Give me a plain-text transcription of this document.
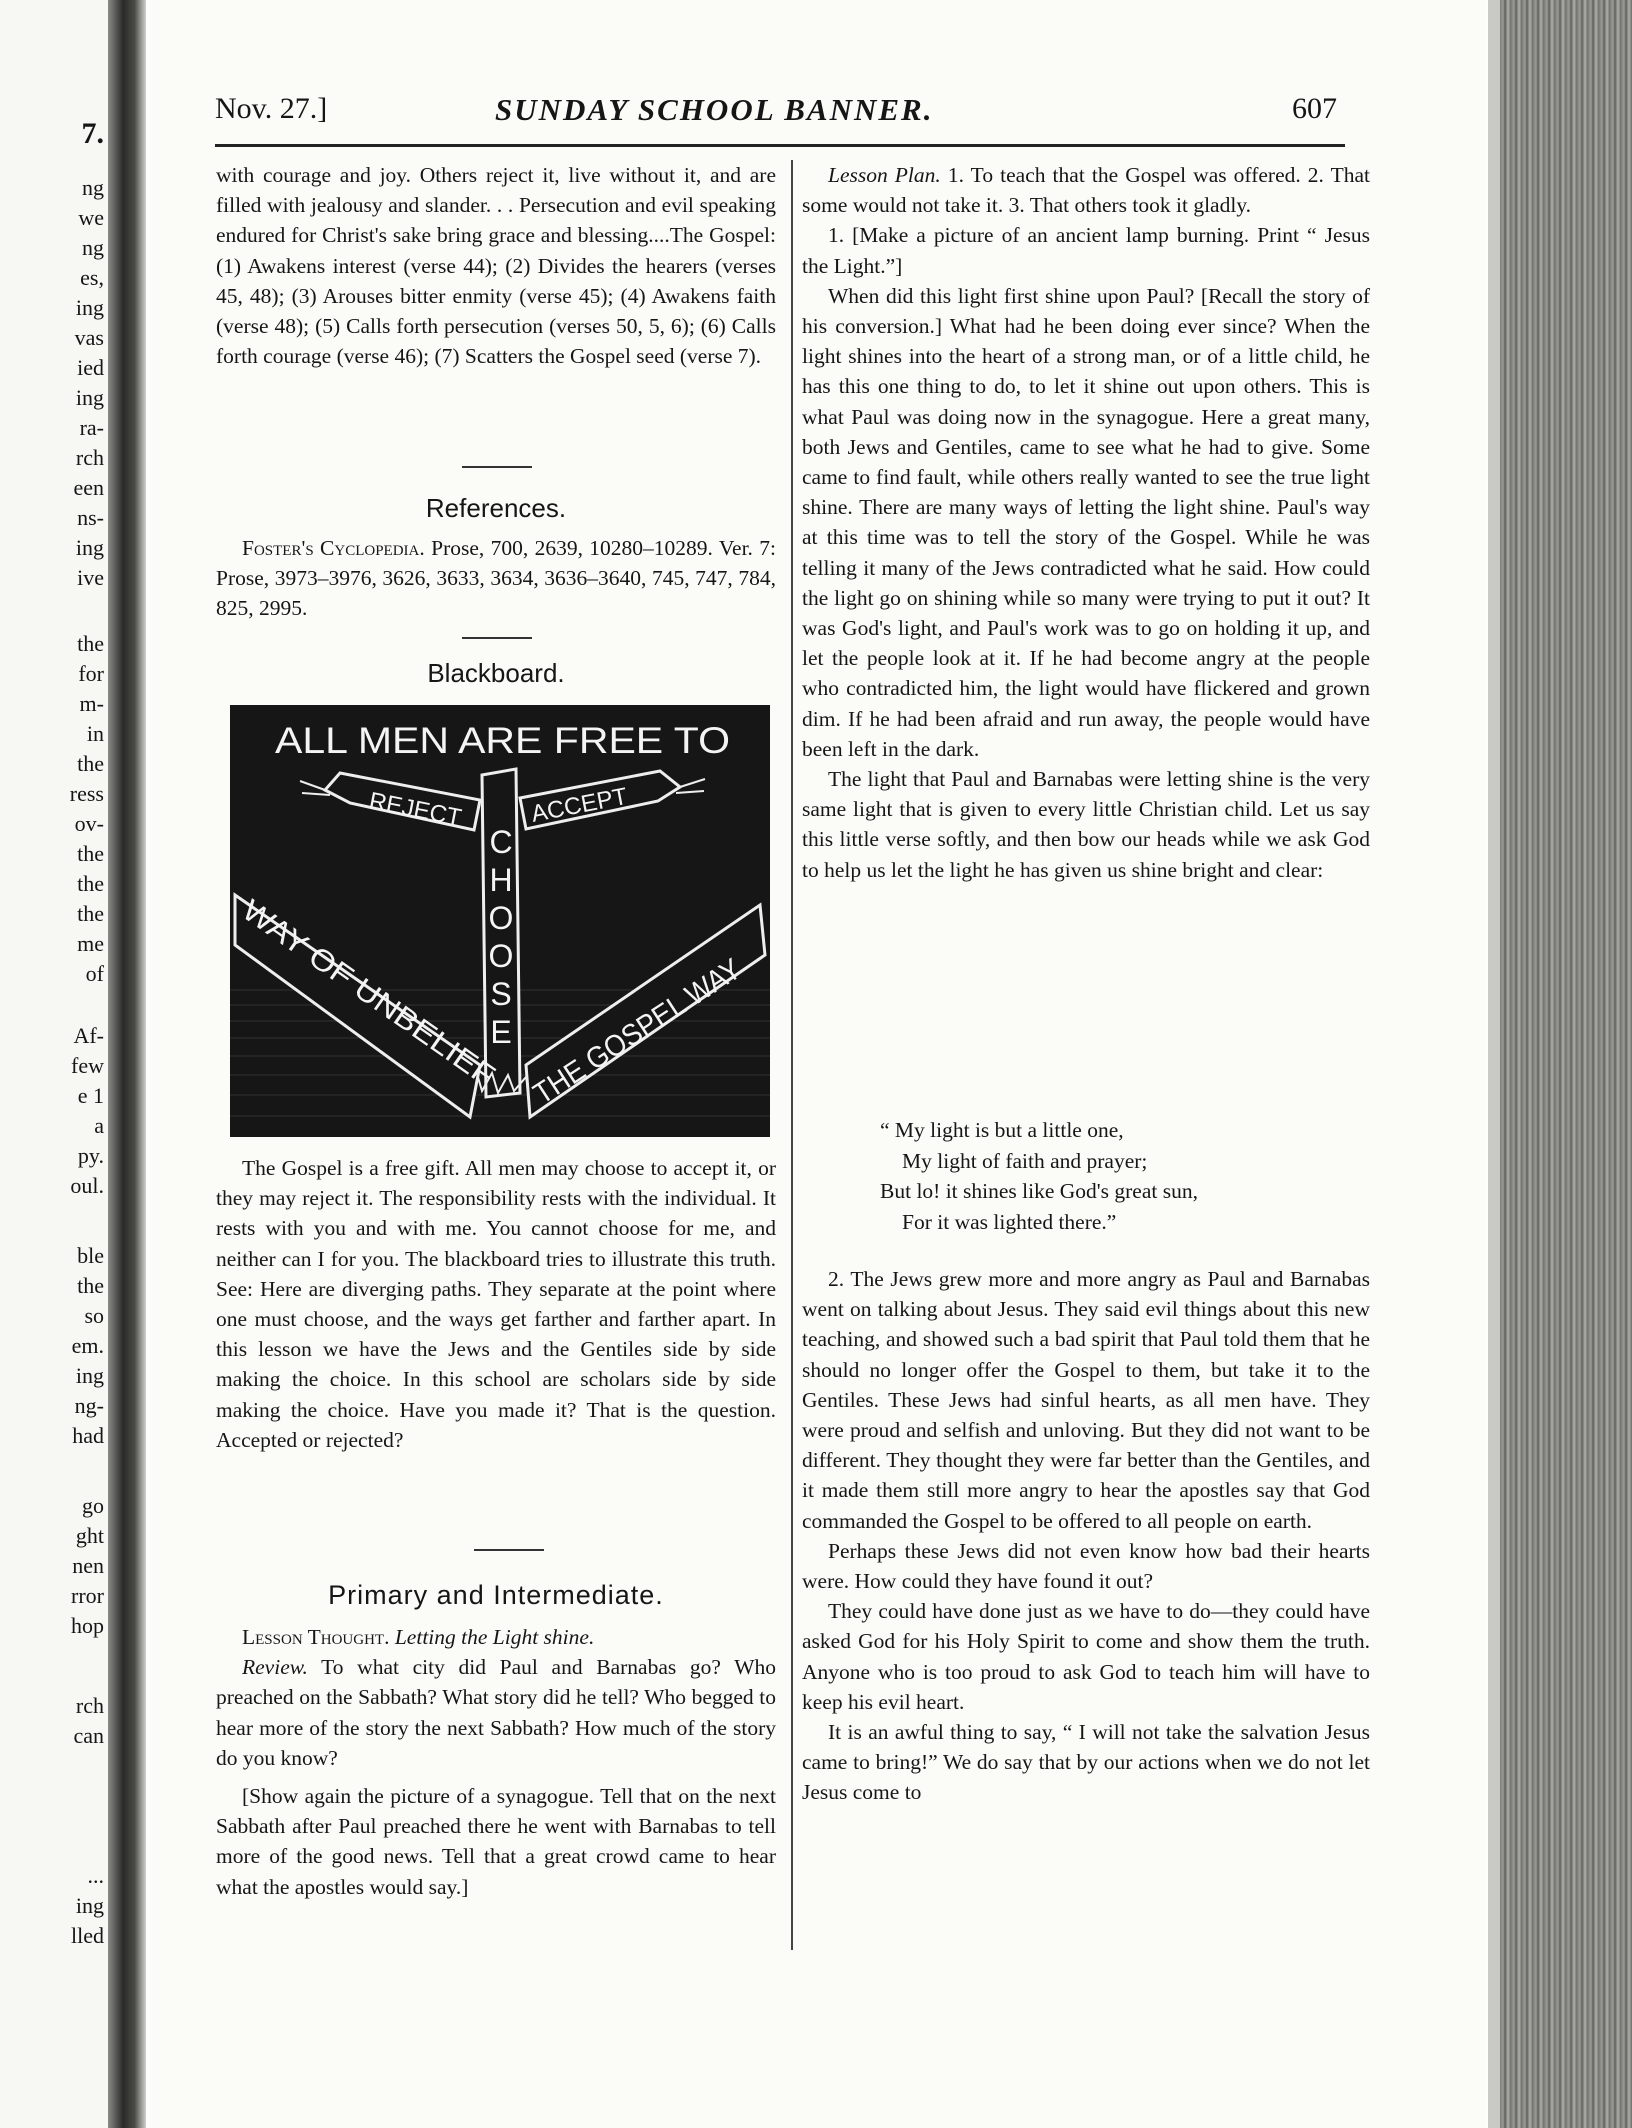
7.
ng
we
ng
es,
ing
vas
ied
ing
ra-
rch
een
ns-
ing
ive
the
for
m-
in
the
ress
ov-
the
the
the
me
of
Af-
few
e 1
a
py.
oul.
ble
the
so
em.
ing
ng-
had
go
ght
nen
rror
hop
rch
can
...
ing
lled
Nov. 27.]	SUNDAY SCHOOL BANNER.	607

with courage and joy. Others reject it, live without it, and are filled with jealousy and slander. . . Persecution and evil speaking endured for Christ's sake bring grace and blessing....The Gospel: (1) Awakens interest (verse 44); (2) Divides the hearers (verses 45, 48); (3) Arouses bitter enmity (verse 45); (4) Awakens faith (verse 48); (5) Calls forth persecution (verses 50, 5, 6); (6) Calls forth courage (verse 46); (7) Scatters the Gospel seed (verse 7).

References.

Foster's Cyclopedia. Prose, 700, 2639, 10280–10289. Ver. 7: Prose, 3973–3976, 3626, 3633, 3634, 3636–3640, 745, 747, 784, 825, 2995.

Blackboard.
ALL MEN ARE FREE TO
REJECT	ACCEPT
C
H
O
O
S
E
WAY OF UNBELIEF	THE GOSPEL WAY

The Gospel is a free gift. All men may choose to accept it, or they may reject it. The responsibility rests with the individual. It rests with you and with me. You cannot choose for me, and neither can I for you. The blackboard tries to illustrate this truth. See: Here are diverging paths. They separate at the point where one must choose, and the ways get farther and farther apart. In this lesson we have the Jews and the Gentiles side by side making the choice. In this school are scholars side by side making the choice. Have you made it? That is the question. Accepted or rejected?

Primary and Intermediate.

Lesson Thought. Letting the Light shine.

Review. To what city did Paul and Barnabas go? Who preached on the Sabbath? What story did he tell? Who begged to hear more of the story the next Sabbath? How much of the story do you know?

[Show again the picture of a synagogue. Tell that on the next Sabbath after Paul preached there he went with Barnabas to tell more of the good news. Tell that a great crowd came to hear what the apostles would say.]

Lesson Plan. 1. To teach that the Gospel was offered. 2. That some would not take it. 3. That others took it gladly.

1. [Make a picture of an ancient lamp burning. Print “ Jesus the Light.”]

When did this light first shine upon Paul? [Recall the story of his conversion.] What had he been doing ever since? When the light shines into the heart of a strong man, or of a little child, he has this one thing to do, to let it shine out upon others. This is what Paul was doing now in the synagogue. Here a great many, both Jews and Gentiles, came to see what he had to give. Some came to find fault, while others really wanted to see the true light shine. There are many ways of letting the light shine. Paul's way at this time was to tell the story of the Gospel. While he was telling it many of the Jews contradicted what he said. How could the light go on shining while so many were trying to put it out? It was God's light, and Paul's work was to go on holding it up, and let the people look at it. If he had become angry at the people who contradicted him, the light would have flickered and grown dim. If he had been afraid and run away, the people would have been left in the dark.

The light that Paul and Barnabas were letting shine is the very same light that is given to every little Christian child. Let us say this little verse softly, and then bow our heads while we ask God to help us let the light he has given us shine bright and clear:

“ My light is but a little one,
My light of faith and prayer;
But lo! it shines like God's great sun,
For it was lighted there.”

2. The Jews grew more and more angry as Paul and Barnabas went on talking about Jesus. They said evil things about this new teaching, and showed such a bad spirit that Paul told them that he should no longer offer the Gospel to them, but take it to the Gentiles. These Jews had sinful hearts, as all men have. They were proud and selfish and unloving. But they did not want to be different. They thought they were far better than the Gentiles, and it made them still more angry to hear the apostles say that God commanded the Gospel to be offered to all people on earth.

Perhaps these Jews did not even know how bad their hearts were. How could they have found it out?

They could have done just as we have to do—they could have asked God for his Holy Spirit to come and show them the truth. Anyone who is too proud to ask God to teach him will have to keep his evil heart.

It is an awful thing to say, “ I will not take the salvation Jesus came to bring!” We do say that by our actions when we do not let Jesus come to
